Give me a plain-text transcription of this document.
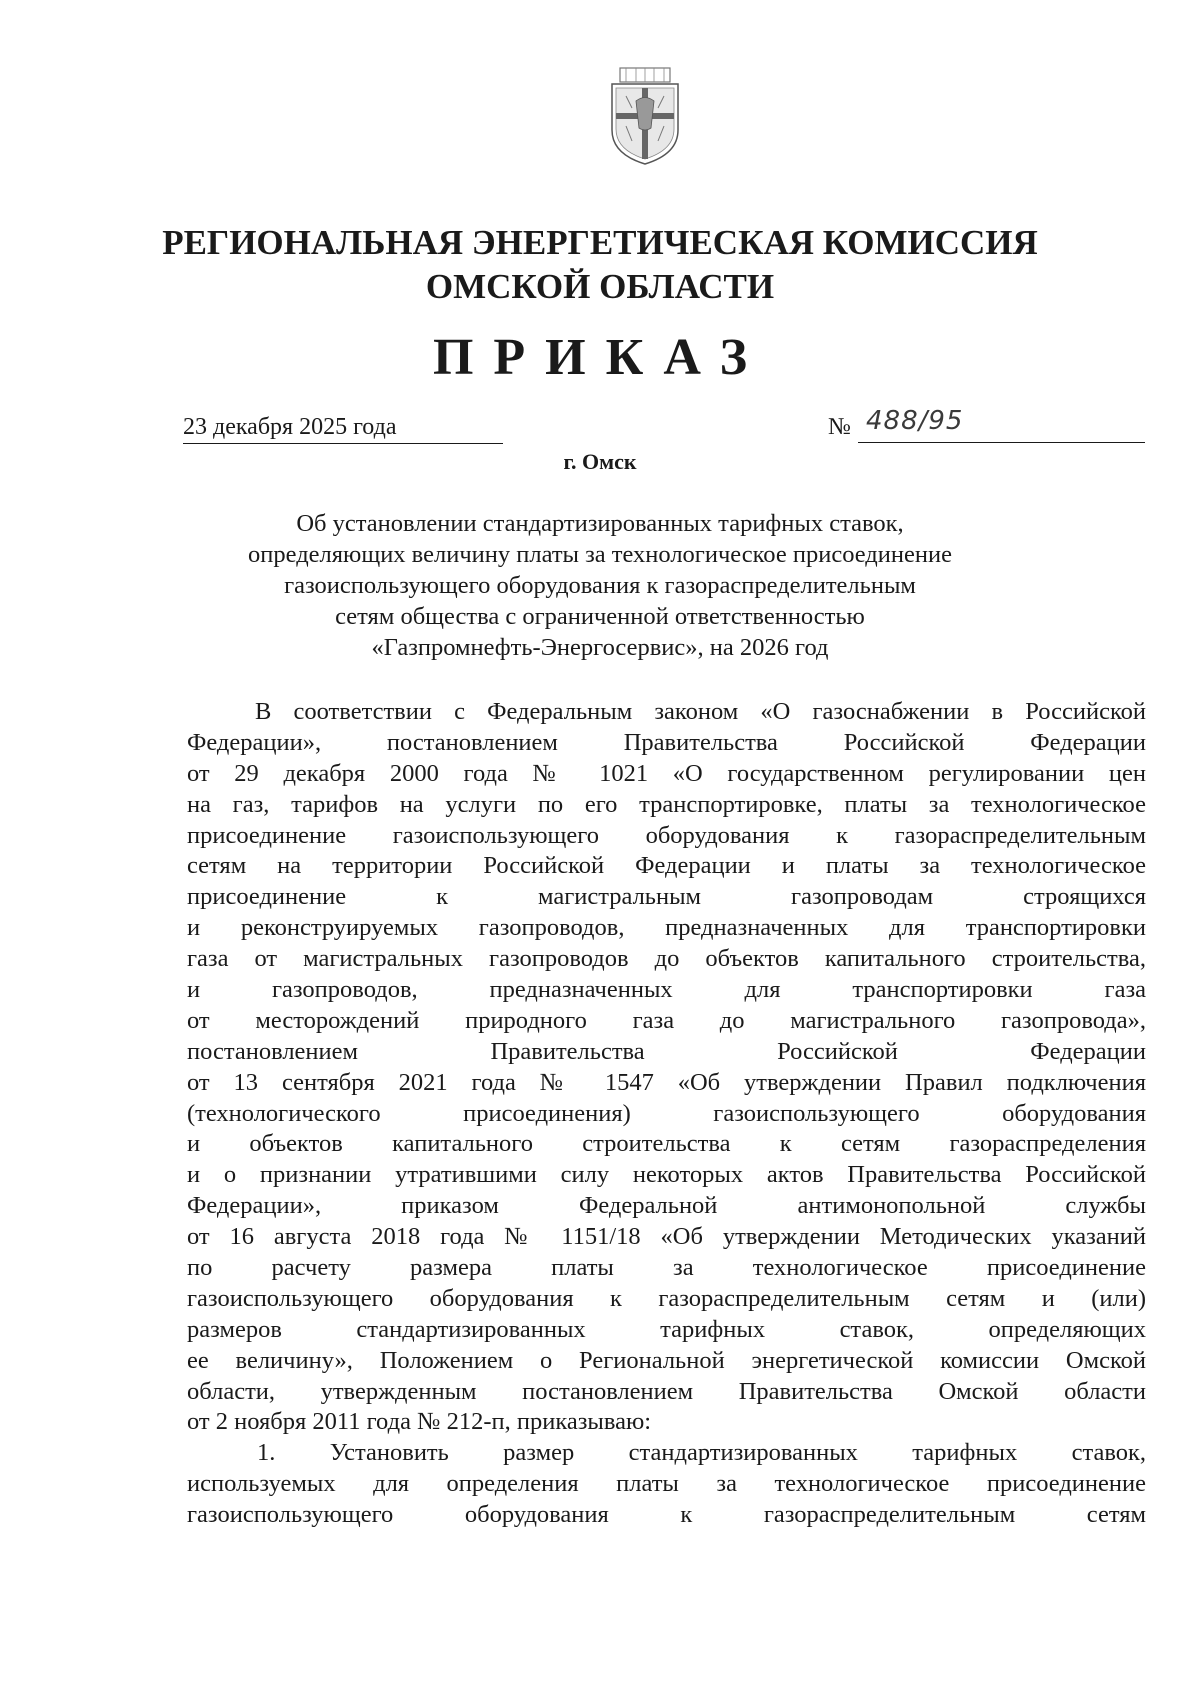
РЕГИОНАЛЬНАЯ ЭНЕРГЕТИЧЕСКАЯ КОМИССИЯ
ОМСКОЙ ОБЛАСТИ
ПРИКАЗ
23 декабря 2025 года	№ 488/95
г. Омск
Об установлении стандартизированных тарифных ставок,
определяющих величину платы за технологическое присоединение
газоиспользующего оборудования к газораспределительным
сетям общества с ограниченной ответственностью
«Газпромнефть-Энергосервис», на 2026 год
В соответствии с Федеральным законом «О газоснабжении в Российской
Федерации», постановлением Правительства Российской Федерации
от 29 декабря 2000 года № 1021 «О государственном регулировании цен
на газ, тарифов на услуги по его транспортировке, платы за технологическое
присоединение газоиспользующего оборудования к газораспределительным
сетям на территории Российской Федерации и платы за технологическое
присоединение к магистральным газопроводам строящихся
и реконструируемых газопроводов, предназначенных для транспортировки
газа от магистральных газопроводов до объектов капитального строительства,
и газопроводов, предназначенных для транспортировки газа
от месторождений природного газа до магистрального газопровода»,
постановлением Правительства Российской Федерации
от 13 сентября 2021 года № 1547 «Об утверждении Правил подключения
(технологического присоединения) газоиспользующего оборудования
и объектов капитального строительства к сетям газораспределения
и о признании утратившими силу некоторых актов Правительства Российской
Федерации», приказом Федеральной антимонопольной службы
от 16 августа 2018 года № 1151/18 «Об утверждении Методических указаний
по расчету размера платы за технологическое присоединение
газоиспользующего оборудования к газораспределительным сетям и (или)
размеров стандартизированных тарифных ставок, определяющих
ее величину», Положением о Региональной энергетической комиссии Омской
области, утвержденным постановлением Правительства Омской области
от 2 ноября 2011 года № 212-п, приказываю:
1. Установить размер стандартизированных тарифных ставок,
используемых для определения платы за технологическое присоединение
газоиспользующего оборудования к газораспределительным сетям
